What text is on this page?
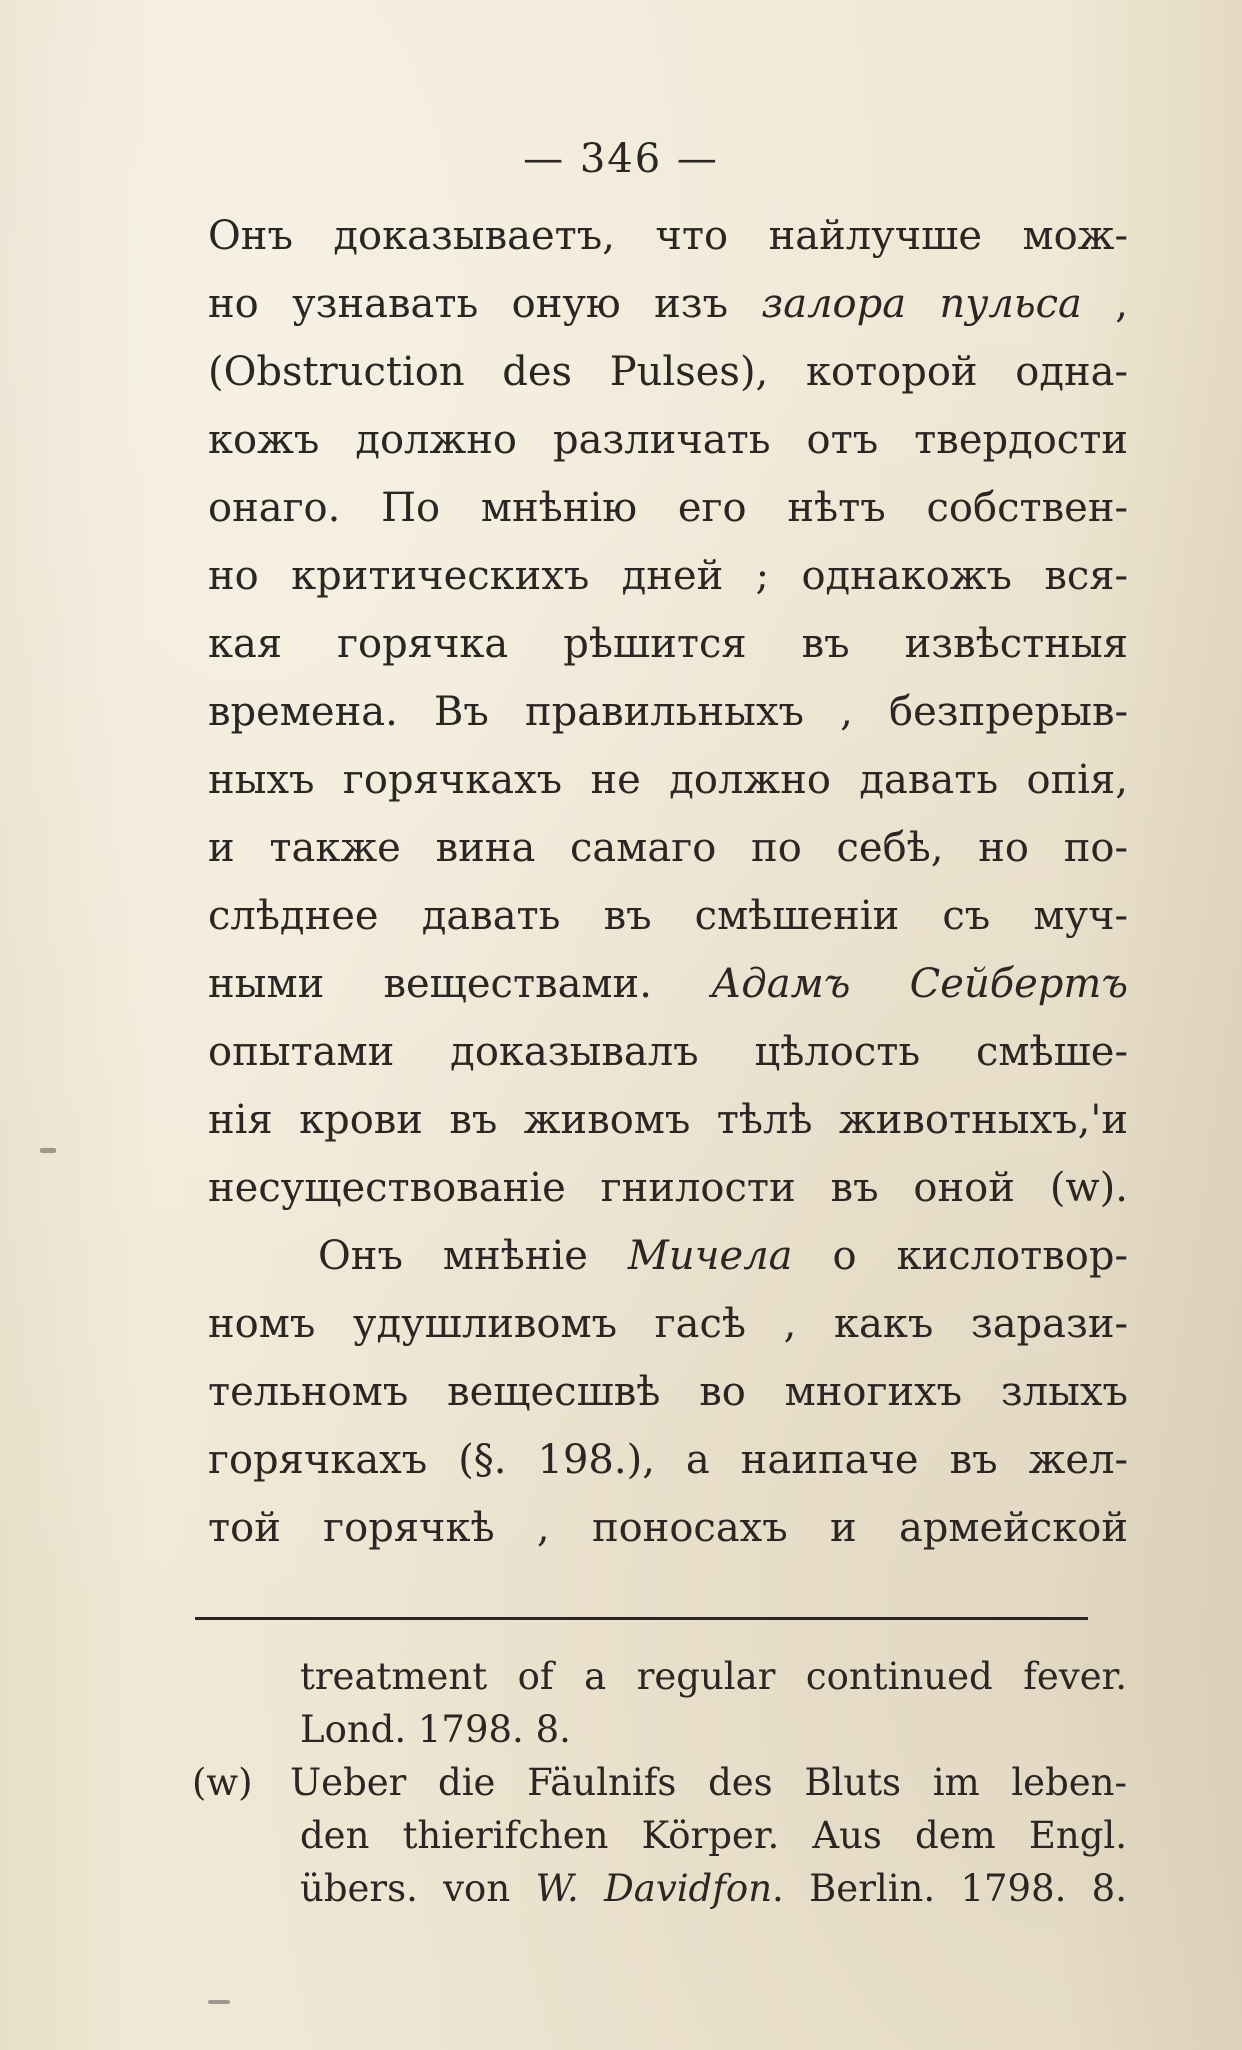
— 346 —
Онъ доказываетъ, что найлучше мож-
но узнавать оную изъ залора пульса ,
(Obstruction des Pulses), которой одна-
кожъ должно различать отъ твердости
онаго. По мнѣнію его нѣтъ собствен-
но критическихъ дней ; однакожъ вся-
кая горячка рѣшится въ извѣстныя
времена. Въ правильныхъ , безпрерыв-
ныхъ горячкахъ не должно давать опія,
и также вина самаго по себѣ, но по-
слѣднее давать въ смѣшеніи съ муч-
ными веществами. Адамъ Сейбертъ
опытами доказывалъ цѣлость смѣше-
нія крови въ живомъ тѣлѣ животныхъ,'и
несуществованіе гнилости въ оной (w).
Онъ мнѣніе Мичела о кислотвор-
номъ удушливомъ гасѣ , какъ зарази-
тельномъ вещесшвѣ во многихъ злыхъ
горячкахъ (§. 198.), а наипаче въ жел-
той горячкѣ , поносахъ и армейской
treatment of a regular continued fever.
Lond. 1798. 8.
(w)	Ueber die Fäulnifs des Bluts im leben-
den thierifchen Körper. Aus dem Engl.
übers. von W. Davidfon. Berlin. 1798. 8.
